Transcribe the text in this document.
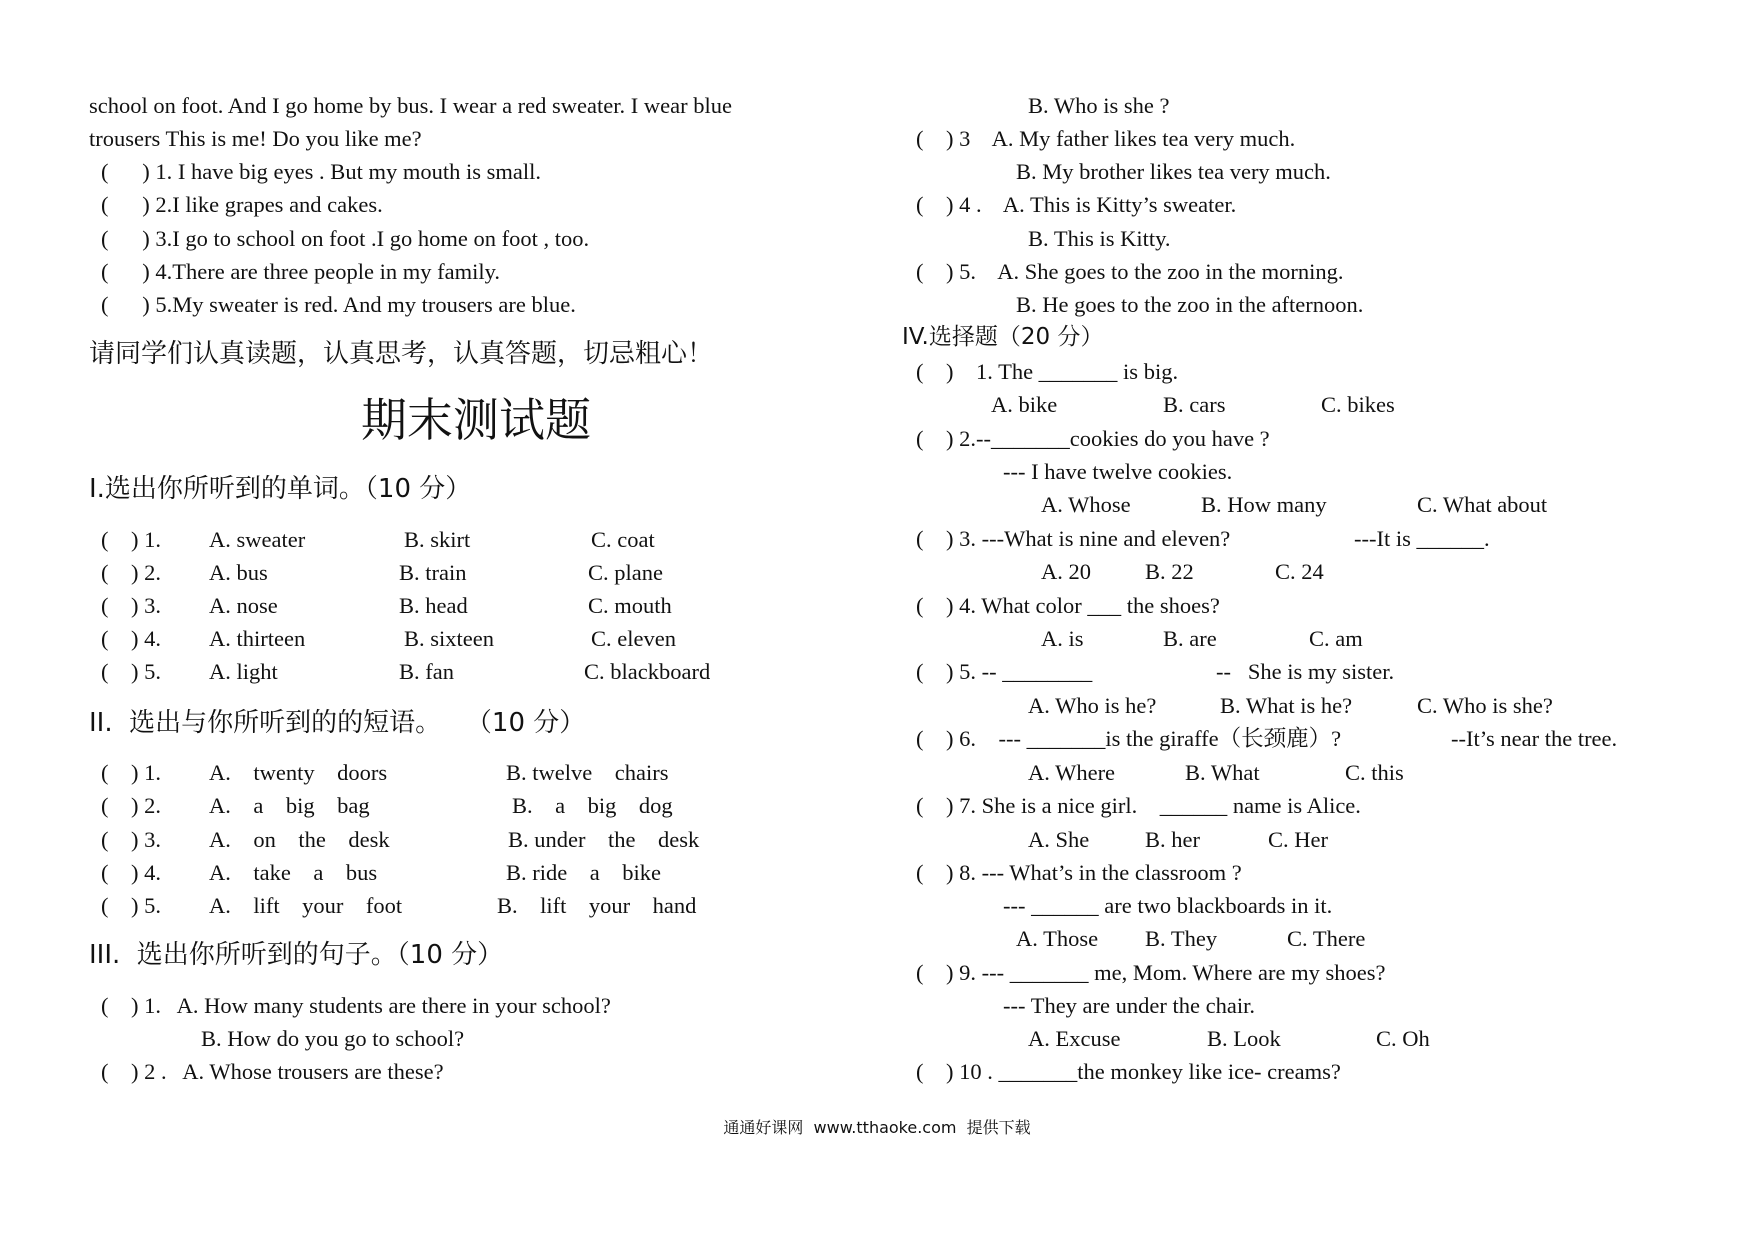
school on foot. And I go home by bus. I wear a red sweater. I wear blue
trousers This is me! Do you like me?
(      ) 1. I have big eyes . But my mouth is small.
(      ) 2.I like grapes and cakes.
(      ) 3.I go to school on foot .I go home on foot , too.
(      ) 4.There are three people in my family.
(      ) 5.My sweater is red. And my trousers are blue.
请同学们认真读题，认真思考，认真答题，切忌粗心！
期末测试题
I.选出你所听到的单词。（10 分）
(    ) 1. A. sweater	B. skirt	C. coat
(    ) 2. A. bus	B. train	C. plane
(    ) 3. A. nose	B. head	C. mouth
(    ) 4. A. thirteen	B. sixteen	C. eleven
(    ) 5. A. light	B. fan	C. blackboard
II.  选出与你所听到的的短语。   （10 分）
(    ) 1. A.    twenty    doors	B. twelve    chairs
(    ) 2. A.    a    big    bag	B.    a    big    dog
(    ) 3. A.    on    the    desk	B. under    the    desk
(    ) 4. A.    take    a    bus	B. ride    a    bike
(    ) 5. A.    lift    your    foot	B.    lift    your    hand
III.  选出你所听到的句子。（10 分）
(    ) 1.   A. How many students are there in your school?
B. How do you go to school?
(    ) 2 .   A. Whose trousers are these?
B. Who is she ?
(    ) 3    A. My father likes tea very much.
B. My brother likes tea very much.
(    ) 4 .    A. This is Kitty’s sweater.
B. This is Kitty.
(    ) 5.    A. She goes to the zoo in the morning.
B. He goes to the zoo in the afternoon.
IV.选择题（20 分）
(    )    1. The _______ is big.
A. bike	B. cars	C. bikes
(    ) 2.--_______cookies do you have ?
--- I have twelve cookies.
A. Whose	B. How many	C. What about
(    ) 3. ---What is nine and eleven?	---It is ______.
A. 20 B. 22	C. 24
(    ) 4. What color ___ the shoes?
A. is	B. are	C. am
(    ) 5. -- ________	--   She is my sister.
A. Who is he?	B. What is he?	C. Who is she?
(    ) 6.    --- _______is the giraffe（长颈鹿）?	--It’s near the tree.
A. Where	B. What	C. this
(    ) 7. She is a nice girl.    ______ name is Alice.
A. She B. her	C. Her
(    ) 8. --- What’s in the classroom ?
--- ______ are two blackboards in it.
A. Those B. They	C. There
(    ) 9. --- _______ me, Mom. Where are my shoes?
--- They are under the chair.
A. Excuse	B. Look	C. Oh
(    ) 10 . _______the monkey like ice- creams?
通通好课网  www.tthaoke.com  提供下载
